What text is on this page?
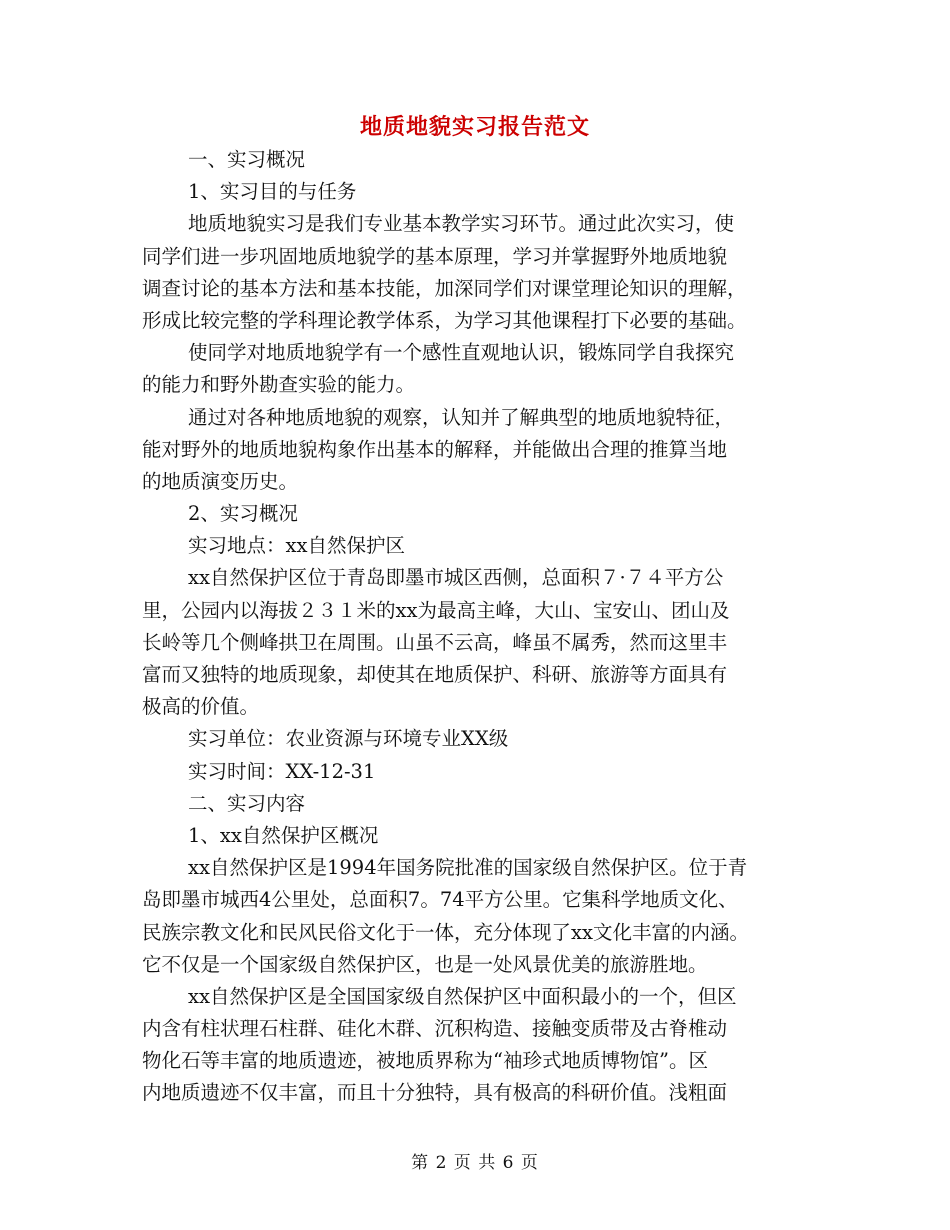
地质地貌实习报告范文
一、实习概况
1、实习目的与任务
地质地貌实习是我们专业基本教学实习环节。通过此次实习，使
同学们进一步巩固地质地貌学的基本原理，学习并掌握野外地质地貌
调查讨论的基本方法和基本技能，加深同学们对课堂理论知识的理解，
形成比较完整的学科理论教学体系，为学习其他课程打下必要的基础。
使同学对地质地貌学有一个感性直观地认识，锻炼同学自我探究
的能力和野外勘查实验的能力。
通过对各种地质地貌的观察，认知并了解典型的地质地貌特征，
能对野外的地质地貌构象作出基本的解释，并能做出合理的推算当地
的地质演变历史。
2、实习概况
实习地点：xx自然保护区
xx自然保护区位于青岛即墨市城区西侧，总面积７·７４平方公
里，公园内以海拔２３１米的xx为最高主峰，大山、宝安山、团山及
长岭等几个侧峰拱卫在周围。山虽不云高，峰虽不属秀，然而这里丰
富而又独特的地质现象，却使其在地质保护、科研、旅游等方面具有
极高的价值。
实习单位：农业资源与环境专业XX级
实习时间：XX-12-31
二、实习内容
1、xx自然保护区概况
xx自然保护区是1994年国务院批准的国家级自然保护区。位于青
岛即墨市城西4公里处，总面积7。74平方公里。它集科学地质文化、
民族宗教文化和民风民俗文化于一体，充分体现了xx文化丰富的内涵。
它不仅是一个国家级自然保护区，也是一处风景优美的旅游胜地。
xx自然保护区是全国国家级自然保护区中面积最小的一个，但区
内含有柱状理石柱群、硅化木群、沉积构造、接触变质带及古脊椎动
物化石等丰富的地质遗迹，被地质界称为“袖珍式地质博物馆”。区
内地质遗迹不仅丰富，而且十分独特，具有极高的科研价值。浅粗面
第 2 页 共 6 页
